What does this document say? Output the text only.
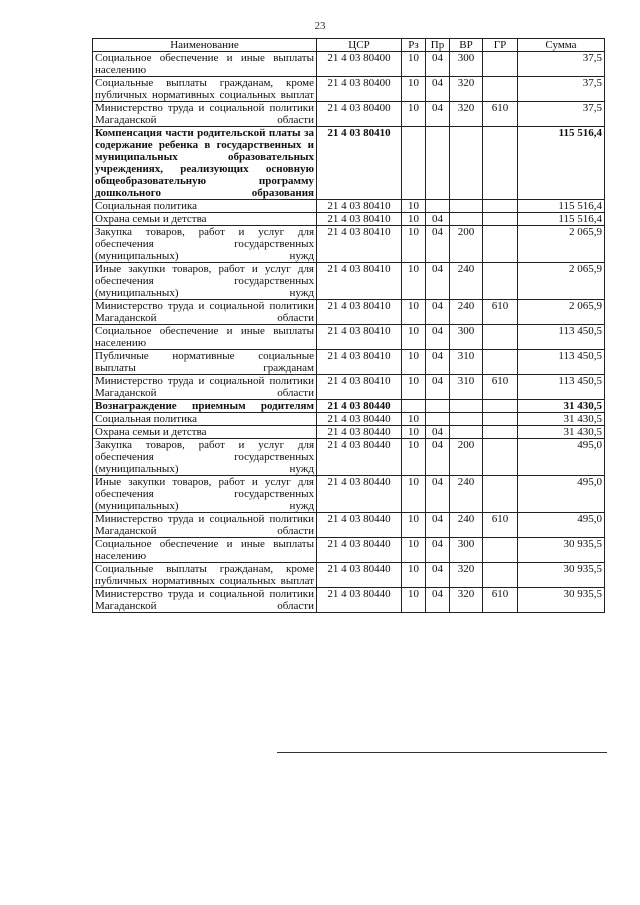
23
Наименование	ЦСР	Рз	Пр	ВР	ГР	Сумма
Социальное обеспечение и иные выплаты населению	21 4 03 80400	10	04	300		37,5
Социальные выплаты гражданам, кроме публичных нормативных социальных выплат	21 4 03 80400	10	04	320		37,5
Министерство труда и социальной политики Магаданской области	21 4 03 80400	10	04	320	610	37,5
Компенсация части родительской платы за содержание ребенка в государственных и муниципальных образовательных учреждениях, реализующих основную общеобразовательную программу дошкольного образования	21 4 03 80410					115 516,4
Социальная политика	21 4 03 80410	10				115 516,4
Охрана семьи и детства	21 4 03 80410	10	04			115 516,4
Закупка товаров, работ и услуг для обеспечения государственных (муниципальных) нужд	21 4 03 80410	10	04	200		2 065,9
Иные закупки товаров, работ и услуг для обеспечения государственных (муниципальных) нужд	21 4 03 80410	10	04	240		2 065,9
Министерство труда и социальной политики Магаданской области	21 4 03 80410	10	04	240	610	2 065,9
Социальное обеспечение и иные выплаты населению	21 4 03 80410	10	04	300		113 450,5
Публичные нормативные социальные выплаты гражданам	21 4 03 80410	10	04	310		113 450,5
Министерство труда и социальной политики Магаданской области	21 4 03 80410	10	04	310	610	113 450,5
Вознаграждение приемным родителям	21 4 03 80440					31 430,5
Социальная политика	21 4 03 80440	10				31 430,5
Охрана семьи и детства	21 4 03 80440	10	04			31 430,5
Закупка товаров, работ и услуг для обеспечения государственных (муниципальных) нужд	21 4 03 80440	10	04	200		495,0
Иные закупки товаров, работ и услуг для обеспечения государственных (муниципальных) нужд	21 4 03 80440	10	04	240		495,0
Министерство труда и социальной политики Магаданской области	21 4 03 80440	10	04	240	610	495,0
Социальное обеспечение и иные выплаты населению	21 4 03 80440	10	04	300		30 935,5
Социальные выплаты гражданам, кроме публичных нормативных социальных выплат	21 4 03 80440	10	04	320		30 935,5
Министерство труда и социальной политики Магаданской области	21 4 03 80440	10	04	320	610	30 935,5
